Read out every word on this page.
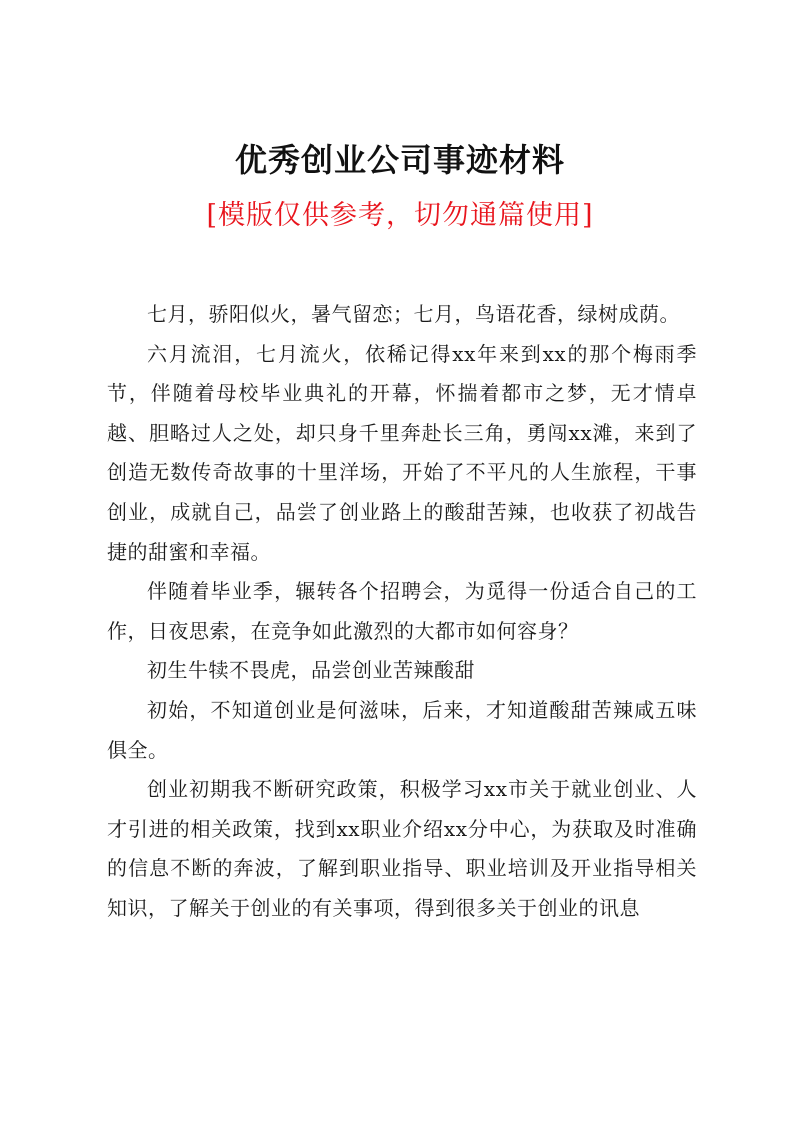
优秀创业公司事迹材料
[模版仅供参考，切勿通篇使用]

七月，骄阳似火，暑气留恋；七月，鸟语花香，绿树成荫。

六月流泪，七月流火，依稀记得xx年来到xx的那个梅雨季节，伴随着母校毕业典礼的开幕，怀揣着都市之梦，无才情卓越、胆略过人之处，却只身千里奔赴长三角，勇闯xx滩，来到了创造无数传奇故事的十里洋场，开始了不平凡的人生旅程，干事创业，成就自己，品尝了创业路上的酸甜苦辣，也收获了初战告捷的甜蜜和幸福。

伴随着毕业季，辗转各个招聘会，为觅得一份适合自己的工作，日夜思索，在竞争如此激烈的大都市如何容身？

初生牛犊不畏虎，品尝创业苦辣酸甜

初始，不知道创业是何滋味，后来，才知道酸甜苦辣咸五味俱全。

创业初期我不断研究政策，积极学习xx市关于就业创业、人才引进的相关政策，找到xx职业介绍xx分中心，为获取及时准确的信息不断的奔波，了解到职业指导、职业培训及开业指导相关知识，了解关于创业的有关事项，得到很多关于创业的讯息
